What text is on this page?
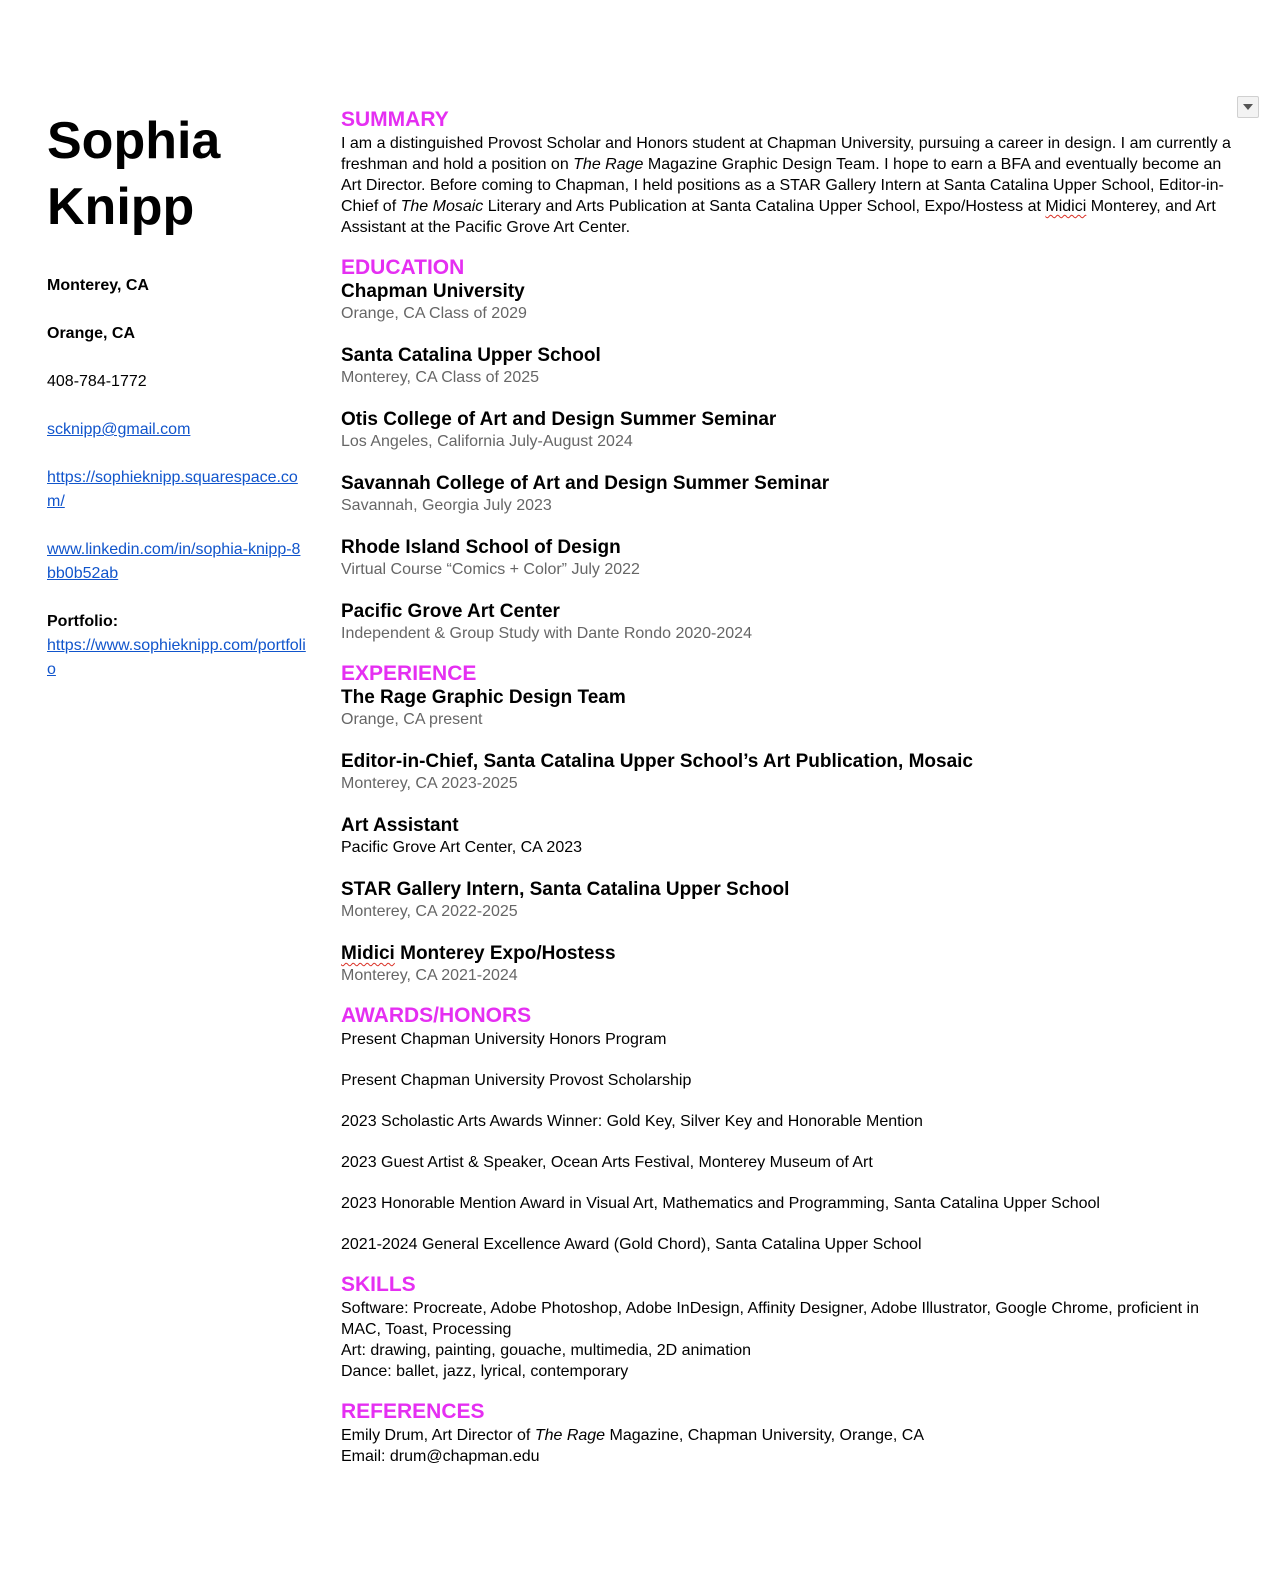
Sophia
Knipp
Monterey, CA
Orange, CA
408-784-1772
scknipp@gmail.com
https://sophieknipp.squarespace.com/
www.linkedin.com/in/sophia-knipp-8bb0b52ab
Portfolio:
https://www.sophieknipp.com/portfolio
SUMMARY
I am a distinguished Provost Scholar and Honors student at Chapman University, pursuing a career in design. I am currently a freshman and hold a position on The Rage Magazine Graphic Design Team. I hope to earn a BFA and eventually become an Art Director. Before coming to Chapman, I held positions as a STAR Gallery Intern at Santa Catalina Upper School, Editor-in-Chief of The Mosaic Literary and Arts Publication at Santa Catalina Upper School, Expo/Hostess at Midici Monterey, and Art Assistant at the Pacific Grove Art Center.
EDUCATION
Chapman University
Orange, CA Class of 2029
Santa Catalina Upper School
Monterey, CA Class of 2025
Otis College of Art and Design Summer Seminar
Los Angeles, California July-August 2024
Savannah College of Art and Design Summer Seminar
Savannah, Georgia July 2023
Rhode Island School of Design
Virtual Course “Comics + Color” July 2022
Pacific Grove Art Center
Independent & Group Study with Dante Rondo 2020-2024
EXPERIENCE
The Rage Graphic Design Team
Orange, CA present
Editor-in-Chief, Santa Catalina Upper School’s Art Publication, Mosaic
Monterey, CA 2023-2025
Art Assistant
Pacific Grove Art Center, CA 2023
STAR Gallery Intern, Santa Catalina Upper School
Monterey, CA 2022-2025
Midici Monterey Expo/Hostess
Monterey, CA 2021-2024
AWARDS/HONORS
Present Chapman University Honors Program
Present Chapman University Provost Scholarship
2023 Scholastic Arts Awards Winner: Gold Key, Silver Key and Honorable Mention
2023 Guest Artist & Speaker, Ocean Arts Festival, Monterey Museum of Art
2023 Honorable Mention Award in Visual Art, Mathematics and Programming, Santa Catalina Upper School
2021-2024 General Excellence Award (Gold Chord), Santa Catalina Upper School
SKILLS
Software: Procreate, Adobe Photoshop, Adobe InDesign, Affinity Designer, Adobe Illustrator, Google Chrome, proficient in MAC, Toast, Processing
Art: drawing, painting, gouache, multimedia, 2D animation
Dance: ballet, jazz, lyrical, contemporary
REFERENCES
Emily Drum, Art Director of The Rage Magazine, Chapman University, Orange, CA
Email: drum@chapman.edu
